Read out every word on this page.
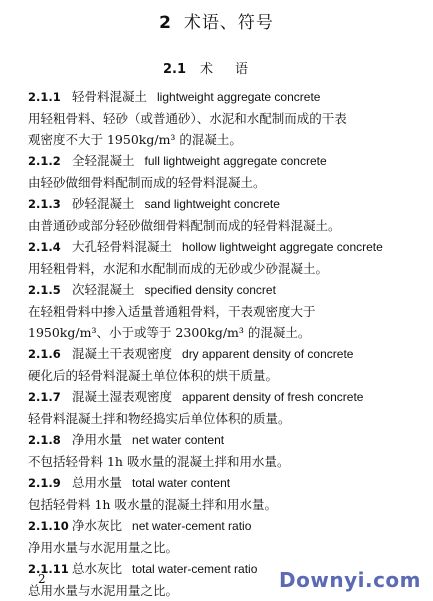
2 术语、符号
2.1 术语
2.1.1 轻骨料混凝土 lightweight aggregate concrete

用轻粗骨料、轻砂（或普通砂）、水泥和水配制而成的干表

观密度不大于 1950kg/m³ 的混凝土。

2.1.2 全轻混凝土 full lightweight aggregate concrete

由轻砂做细骨料配制而成的轻骨料混凝土。

2.1.3 砂轻混凝土 sand lightweight concrete

由普通砂或部分轻砂做细骨料配制而成的轻骨料混凝土。

2.1.4 大孔轻骨料混凝土 hollow lightweight aggregate concrete

用轻粗骨料，水泥和水配制而成的无砂或少砂混凝土。

2.1.5 次轻混凝土 specified density concret

在轻粗骨料中掺入适量普通粗骨料，干表观密度大于

1950kg/m³、小于或等于 2300kg/m³ 的混凝土。

2.1.6 混凝土干表观密度 dry apparent density of concrete

硬化后的轻骨料混凝土单位体积的烘干质量。

2.1.7 混凝土湿表观密度 apparent density of fresh concrete

轻骨料混凝土拌和物经捣实后单位体积的质量。

2.1.8 净用水量 net water content

不包括轻骨料 1h 吸水量的混凝土拌和用水量。

2.1.9 总用水量 total water content

包括轻骨料 1h 吸水量的混凝土拌和用水量。

2.1.10 净水灰比 net water-cement ratio

净用水量与水泥用量之比。

2.1.11 总水灰比 total water-cement ratio

总用水量与水泥用量之比。

2	Downyi.com
